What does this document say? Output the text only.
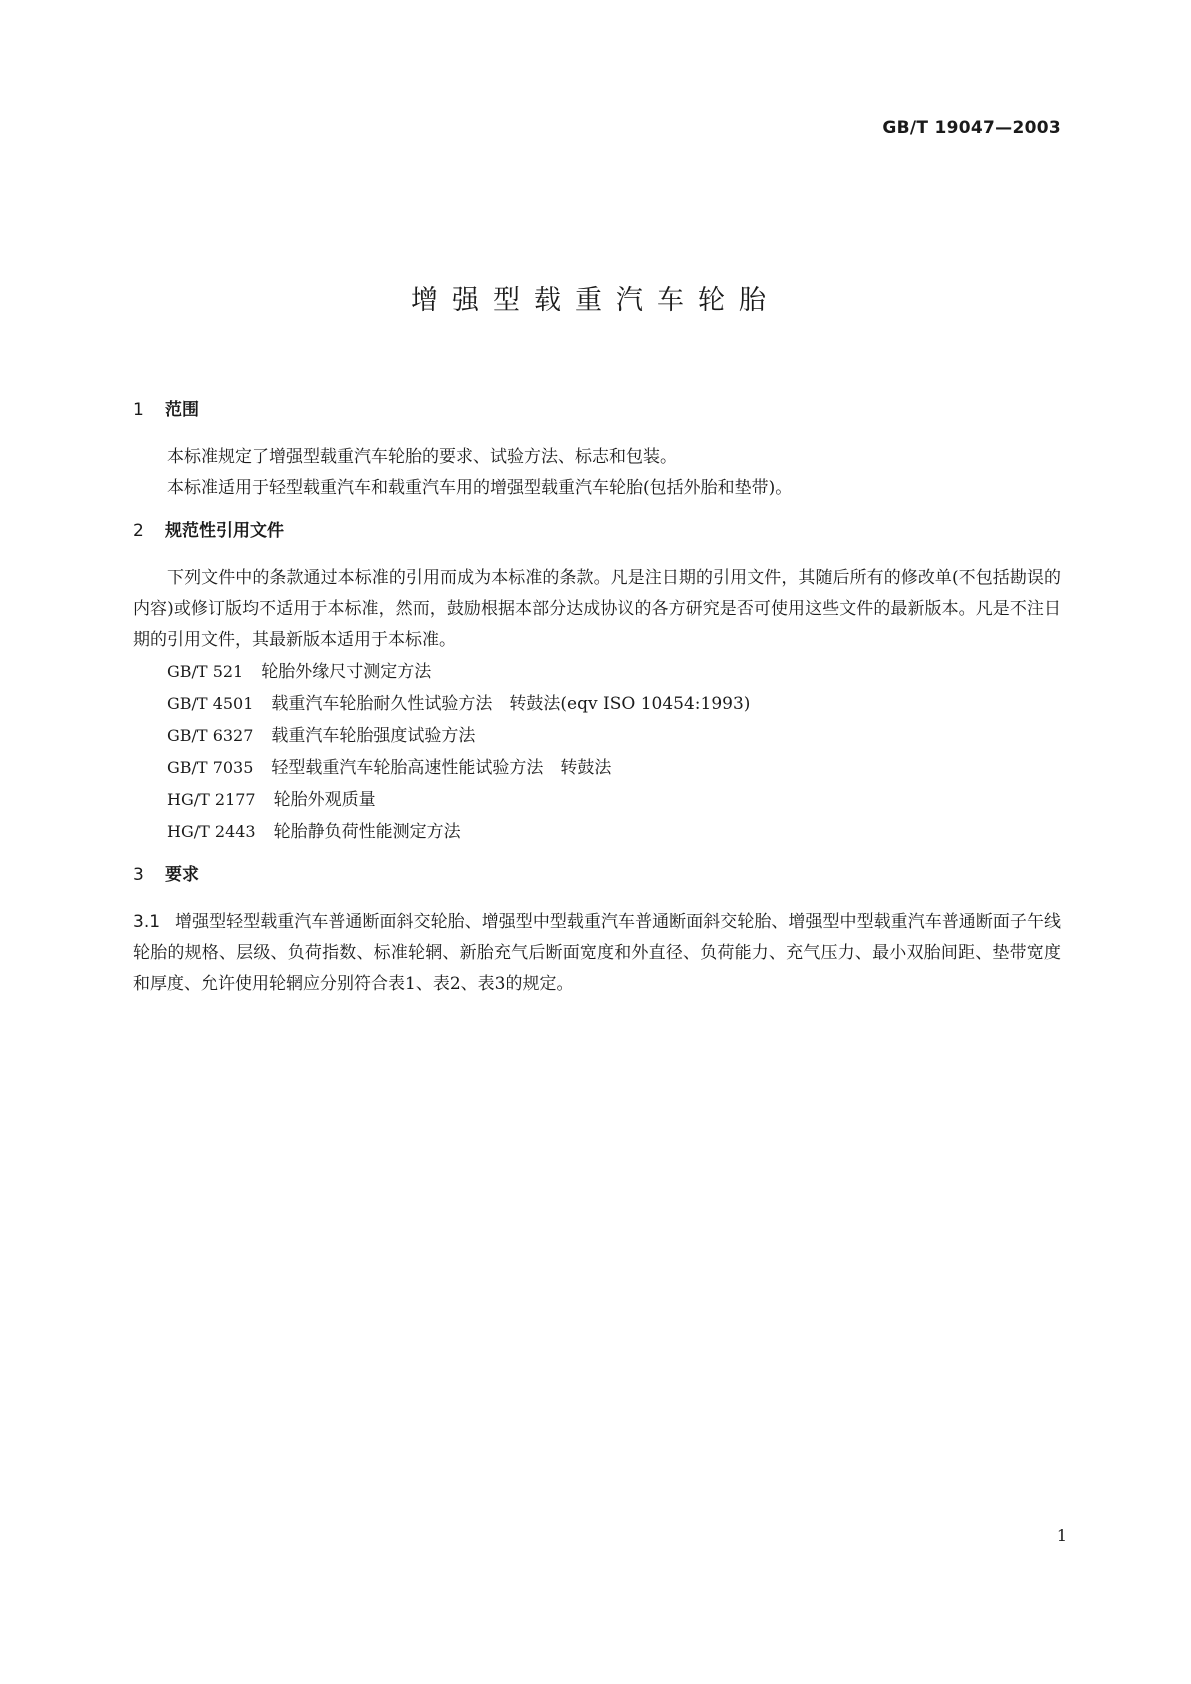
GB/T 19047—2003
增强型载重汽车轮胎
1 范围

本标准规定了增强型载重汽车轮胎的要求、试验方法、标志和包装。

本标准适用于轻型载重汽车和载重汽车用的增强型载重汽车轮胎(包括外胎和垫带)。

2 规范性引用文件

下列文件中的条款通过本标准的引用而成为本标准的条款。凡是注日期的引用文件，其随后所有的修改单(不包括勘误的内容)或修订版均不适用于本标准，然而，鼓励根据本部分达成协议的各方研究是否可使用这些文件的最新版本。凡是不注日期的引用文件，其最新版本适用于本标准。

GB/T 521 轮胎外缘尺寸测定方法
GB/T 4501 载重汽车轮胎耐久性试验方法　转鼓法(eqv ISO 10454:1993)
GB/T 6327 载重汽车轮胎强度试验方法
GB/T 7035 轻型载重汽车轮胎高速性能试验方法　转鼓法
HG/T 2177 轮胎外观质量
HG/T 2443 轮胎静负荷性能测定方法
3 要求

3.1 增强型轻型载重汽车普通断面斜交轮胎、增强型中型载重汽车普通断面斜交轮胎、增强型中型载重汽车普通断面子午线轮胎的规格、层级、负荷指数、标准轮辋、新胎充气后断面宽度和外直径、负荷能力、充气压力、最小双胎间距、垫带宽度和厚度、允许使用轮辋应分别符合表1、表2、表3的规定。

1
